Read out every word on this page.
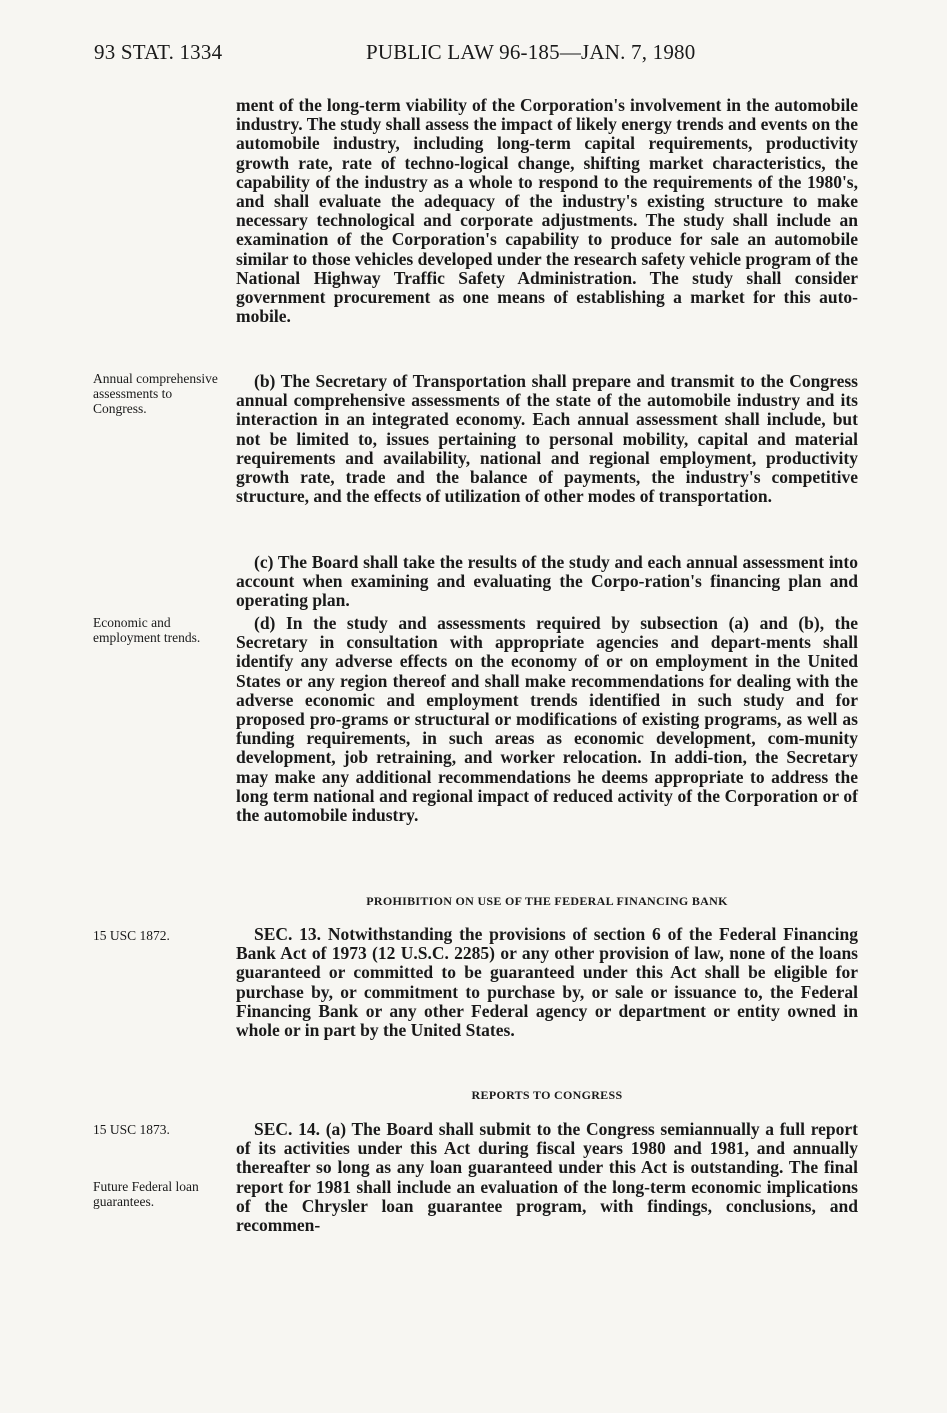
93 STAT. 1334	PUBLIC LAW 96-185—JAN. 7, 1980

ment of the long-term viability of the Corporation's involvement in the automobile industry. The study shall assess the impact of likely energy trends and events on the automobile industry, including long-term capital requirements, productivity growth rate, rate of techno-logical change, shifting market characteristics, the capability of the industry as a whole to respond to the requirements of the 1980's, and shall evaluate the adequacy of the industry's existing structure to make necessary technological and corporate adjustments. The study shall include an examination of the Corporation's capability to produce for sale an automobile similar to those vehicles developed under the research safety vehicle program of the National Highway Traffic Safety Administration. The study shall consider government procurement as one means of establishing a market for this auto-mobile.

Annual comprehensive assessments to Congress.

(b) The Secretary of Transportation shall prepare and transmit to the Congress annual comprehensive assessments of the state of the automobile industry and its interaction in an integrated economy. Each annual assessment shall include, but not be limited to, issues pertaining to personal mobility, capital and material requirements and availability, national and regional employment, productivity growth rate, trade and the balance of payments, the industry's competitive structure, and the effects of utilization of other modes of transportation.

(c) The Board shall take the results of the study and each annual assessment into account when examining and evaluating the Corpo-ration's financing plan and operating plan.

Economic and employment trends.

(d) In the study and assessments required by subsection (a) and (b), the Secretary in consultation with appropriate agencies and depart-ments shall identify any adverse effects on the economy of or on employment in the United States or any region thereof and shall make recommendations for dealing with the adverse economic and employment trends identified in such study and for proposed pro-grams or structural or modifications of existing programs, as well as funding requirements, in such areas as economic development, com-munity development, job retraining, and worker relocation. In addi-tion, the Secretary may make any additional recommendations he deems appropriate to address the long term national and regional impact of reduced activity of the Corporation or of the automobile industry.

PROHIBITION ON USE OF THE FEDERAL FINANCING BANK
15 USC 1872.	SEC. 13. Notwithstanding the provisions of section 6 of the Federal Financing Bank Act of 1973 (12 U.S.C. 2285) or any other provision of law, none of the loans guaranteed or committed to be guaranteed under this Act shall be eligible for purchase by, or commitment to purchase by, or sale or issuance to, the Federal Financing Bank or any other Federal agency or department or entity owned in whole or in part by the United States.

REPORTS TO CONGRESS
15 USC 1873.
Future Federal loan guarantees.

SEC. 14. (a) The Board shall submit to the Congress semiannually a full report of its activities under this Act during fiscal years 1980 and 1981, and annually thereafter so long as any loan guaranteed under this Act is outstanding. The final report for 1981 shall include an evaluation of the long-term economic implications of the Chrysler loan guarantee program, with findings, conclusions, and recommen-
